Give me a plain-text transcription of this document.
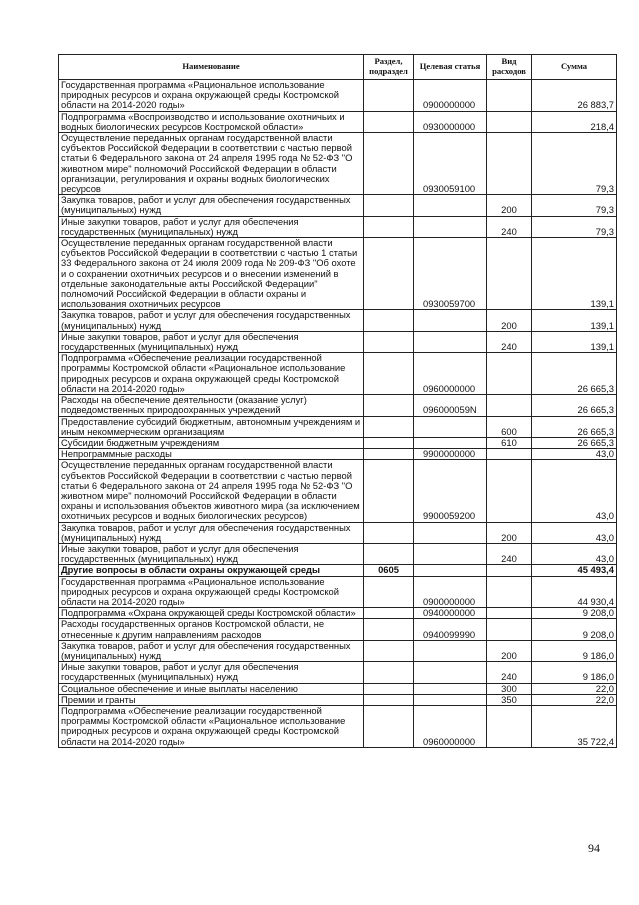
Наименование	Раздел, подраздел	Целевая статья	Вид расходов	Сумма
Государственная программа «Рациональное использование природных ресурсов и охрана окружающей среды Костромской области на 2014-2020 годы»		0900000000		26 883,7
Подпрограмма «Воспроизводство и использование охотничьих и водных биологических ресурсов Костромской области»		0930000000		218,4
Осуществление переданных органам государственной власти субъектов Российской Федерации в соответствии с частью первой статьи 6 Федерального закона от 24 апреля 1995 года № 52-ФЗ "О животном мире" полномочий Российской Федерации в области организации, регулирования и охраны водных биологических ресурсов		0930059100		79,3
Закупка товаров, работ и услуг для обеспечения государственных (муниципальных) нужд			200	79,3
Иные закупки товаров, работ и услуг для обеспечения государственных (муниципальных) нужд			240	79,3
Осуществление переданных органам государственной власти субъектов Российской Федерации в соответствии с частью 1 статьи 33 Федерального закона от 24 июля 2009 года № 209-ФЗ "Об охоте и о сохранении охотничьих ресурсов и о внесении изменений в отдельные законодательные акты Российской Федерации" полномочий Российской Федерации в области охраны и использования охотничьих ресурсов		0930059700		139,1
Закупка товаров, работ и услуг для обеспечения государственных (муниципальных) нужд			200	139,1
Иные закупки товаров, работ и услуг для обеспечения государственных (муниципальных) нужд			240	139,1
Подпрограмма «Обеспечение реализации государственной программы Костромской области «Рациональное использование природных ресурсов и охрана окружающей среды Костромской области на 2014-2020 годы»		0960000000		26 665,3
Расходы на обеспечение деятельности (оказание услуг) подведомственных природоохранных учреждений		096000059N		26 665,3
Предоставление субсидий бюджетным, автономным учреждениям и иным некоммерческим организациям			600	26 665,3
Субсидии бюджетным учреждениям			610	26 665,3
Непрограммные расходы		9900000000		43,0
Осуществление переданных органам государственной власти субъектов Российской Федерации в соответствии с частью первой статьи 6 Федерального закона от 24 апреля 1995 года № 52-ФЗ "О животном мире" полномочий Российской Федерации в области охраны и использования объектов животного мира (за исключением охотничьих ресурсов и водных биологических ресурсов)		9900059200		43,0
Закупка товаров, работ и услуг для обеспечения государственных (муниципальных) нужд			200	43,0
Иные закупки товаров, работ и услуг для обеспечения государственных (муниципальных) нужд			240	43,0
Другие вопросы в области охраны окружающей среды	0605			45 493,4
Государственная программа «Рациональное использование природных ресурсов и охрана окружающей среды Костромской области на 2014-2020 годы»		0900000000		44 930,4
Подпрограмма «Охрана окружающей среды Костромской области»		0940000000		9 208,0
Расходы государственных органов Костромской области, не отнесенные к другим направлениям расходов		0940099990		9 208,0
Закупка товаров, работ и услуг для обеспечения государственных (муниципальных) нужд			200	9 186,0
Иные закупки товаров, работ и услуг для обеспечения государственных (муниципальных) нужд			240	9 186,0
Социальное обеспечение и иные выплаты населению			300	22,0
Премии и гранты			350	22,0
Подпрограмма «Обеспечение реализации государственной программы Костромской области «Рациональное использование природных ресурсов и охрана окружающей среды Костромской области на 2014-2020 годы»		0960000000		35 722,4
94
